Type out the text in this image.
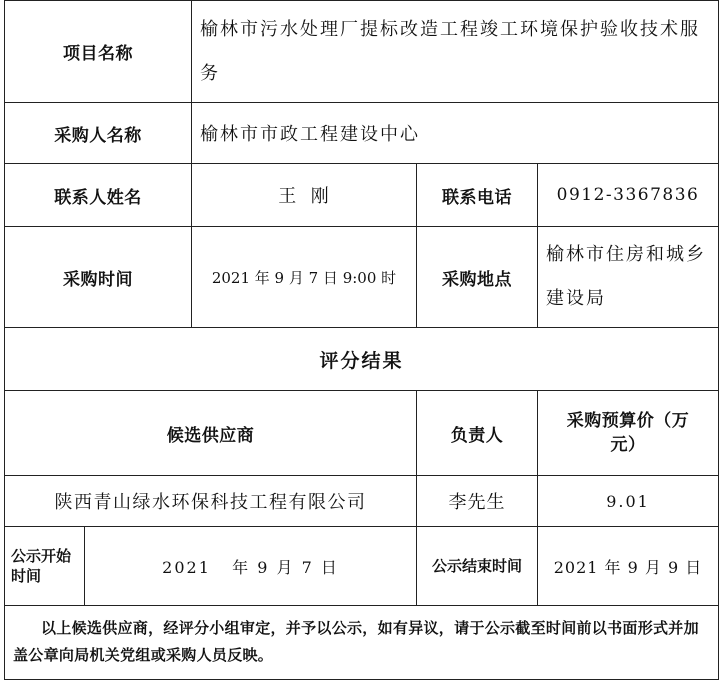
项目名称		榆林市污水处理厂提标改造工程竣工环境保护验收技术服务		
采购人名称		榆林市市政工程建设中心		
联系人姓名		王  刚	联系电话	0912-3367836
采购时间		2021 年 9 月 7 日 9:00 时	采购地点	榆林市住房和城乡建设局
评分结果				
候选供应商			负责人	采购预算价（万元）
陕西青山绿水环保科技工程有限公司			李先生	9.01
公示开始时间	2021   年 9 月 7 日		公示结束时间	2021 年 9 月 9 日
以上候选供应商，经评分小组审定，并予以公示，如有异议，请于公示截至时间前以书面形式并加盖公章向局机关党组或采购人员反映。				
